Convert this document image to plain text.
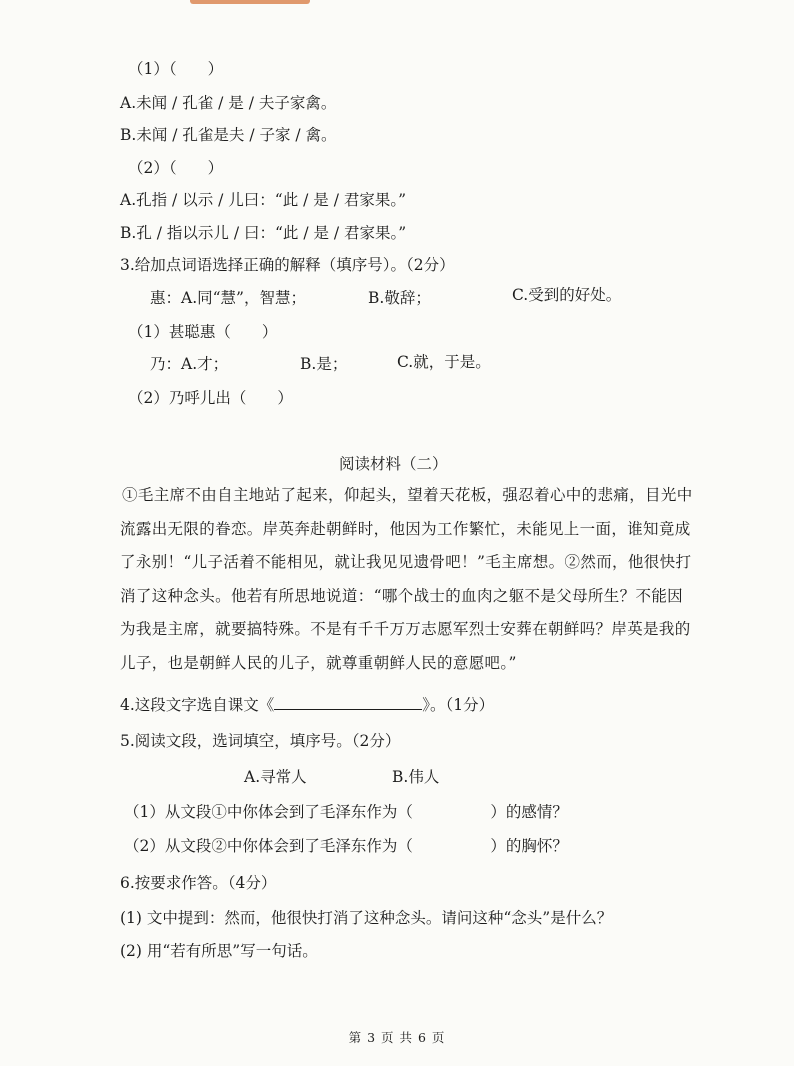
（1）（　　）
A.未闻 / 孔雀 / 是 / 夫子家禽。
B.未闻 / 孔雀是夫 / 子家 / 禽。
（2）（　　）
A.孔指 / 以示 / 儿曰：“此 / 是 / 君家果。”
B.孔 / 指以示儿 / 曰：“此 / 是 / 君家果。”
3.给加点词语选择正确的解释（填序号）。（2分）
惠：A.同“慧”，智慧；	B.敬辞；	C.受到的好处。
（1）甚聪惠（　　）
乃：A.才；	B.是；	C.就，于是。
（2）乃呼儿出（　　）
阅读材料（二）
①毛主席不由自主地站了起来，仰起头，望着天花板，强忍着心中的悲痛，目光中流露出无限的眷恋。岸英奔赴朝鲜时，他因为工作繁忙，未能见上一面，谁知竟成了永别！“儿子活着不能相见，就让我见见遗骨吧！”毛主席想。②然而，他很快打消了这种念头。他若有所思地说道：“哪个战士的血肉之躯不是父母所生？不能因为我是主席，就要搞特殊。不是有千千万万志愿军烈士安葬在朝鲜吗？岸英是我的儿子，也是朝鲜人民的儿子，就尊重朝鲜人民的意愿吧。”
4.这段文字选自课文《	》。（1分）
5.阅读文段，选词填空，填序号。（2分）
A.寻常人	B.伟人
（1）从文段①中你体会到了毛泽东作为（　　　　　）的感情？
（2）从文段②中你体会到了毛泽东作为（　　　　　）的胸怀？
6.按要求作答。（4分）
(1) 文中提到：然而，他很快打消了这种念头。请问这种“念头”是什么？
(2) 用“若有所思”写一句话。
第 3 页 共 6 页
